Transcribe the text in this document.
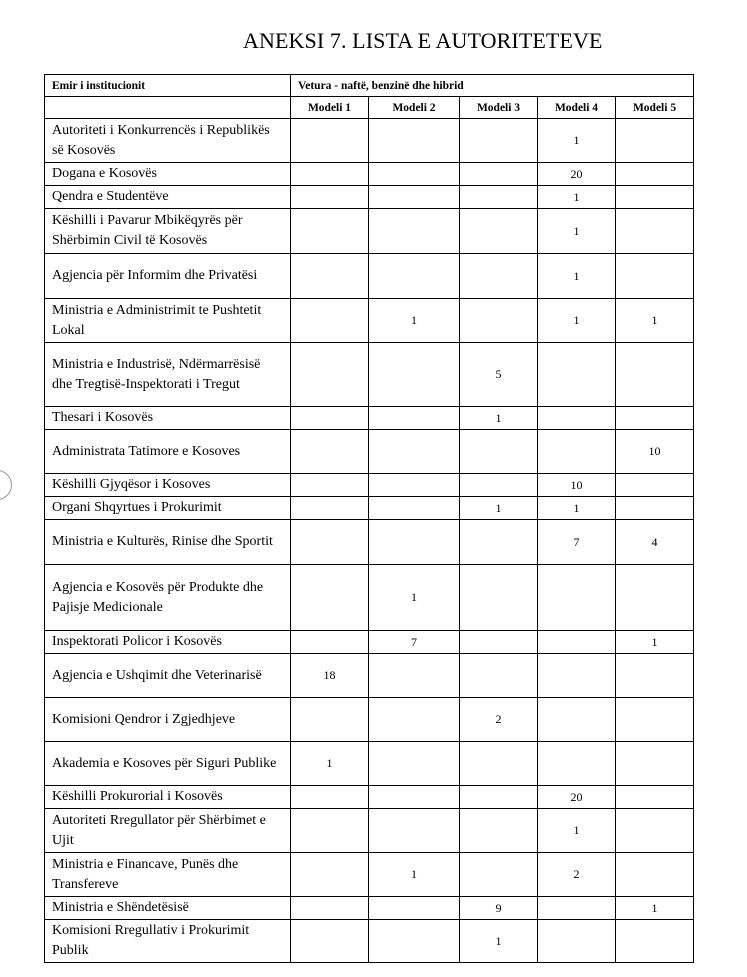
ANEKSI 7. LISTA E AUTORITETEVE
Emir i institucionit	Vetura - naftë, benzinë dhe hibrid				
	Modeli 1	Modeli 2	Modeli 3	Modeli 4	Modeli 5
Autoriteti i Konkurrencës i Republikës së Kosovës				1	
Dogana e Kosovës				20	
Qendra e Studentëve				1	
Këshilli i Pavarur Mbikëqyrës për Shërbimin Civil të Kosovës				1	
Agjencia për Informim dhe Privatësi				1	
Ministria e Administrimit te Pushtetit Lokal		1		1	1
Ministria e Industrisë, Ndërmarrësisë dhe Tregtisë-Inspektorati i Tregut			5		
Thesari i Kosovës			1		
Administrata Tatimore e Kosoves					10
Këshilli Gjyqësor i Kosoves				10	
Organi Shqyrtues i Prokurimit			1	1	
Ministria e Kulturës, Rinise dhe Sportit				7	4
Agjencia e Kosovës për Produkte dhe Pajisje Medicionale		1			
Inspektorati Policor i Kosovës		7			1
Agjencia e Ushqimit dhe Veterinarisë	18				
Komisioni Qendror i Zgjedhjeve			2		
Akademia e Kosoves për Siguri Publike	1				
Këshilli Prokurorial i Kosovës				20	
Autoriteti Rregullator për Shërbimet e Ujit				1	
Ministria e Financave, Punës dhe Transfereve		1		2	
Ministria e Shëndetësisë			9		1
Komisioni Rregullativ i Prokurimit Publik			1		
